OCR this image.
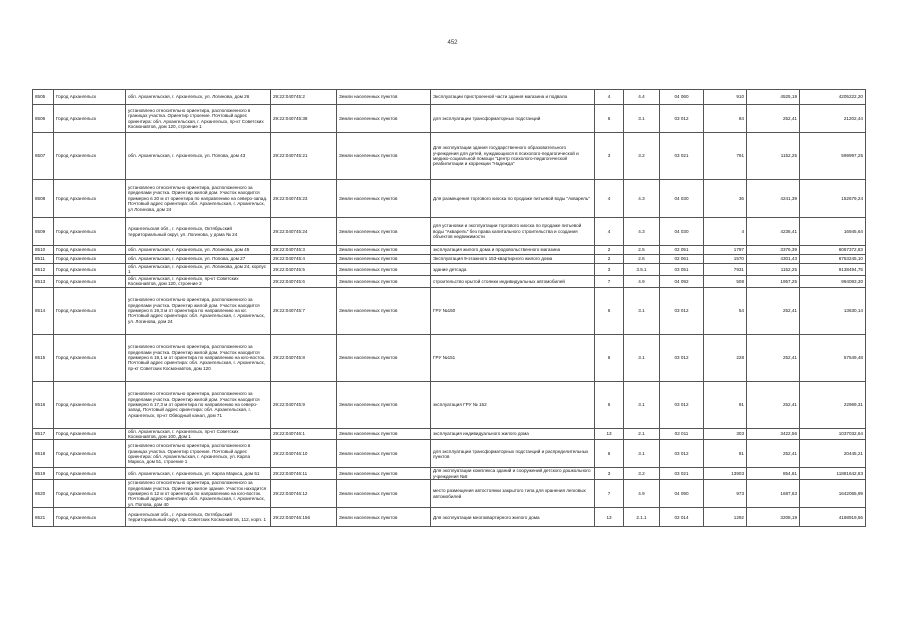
452
8505	Город Архангельск	обл. Архангельская, г. Архангельск, ул. Логинова, дом 26	29:22:040745:2	Земли населенных пунктов	Эксплуатации пристроенной части здания магазина и подвала	4	4.4	04 060	910	4525,19	4205222,20
8506	Город Архангельск	установлено относительно ориентира, расположенного в границах участка. Ориентир строение. Почтовый адрес ориентира: обл. Архангельская, г. Архангельск, пр-кт Советских Космонавтов, дом 120, строение 1	29:22:040745:38	Земли населенных пунктов	для эксплуатации трансформаторных подстанций	6	3.1	03 012	84	252,41	21202,44
8507	Город Архангельск	обл. Архангельская, г. Архангельск, ул. Попова, дом 43	29:22:040745:21	Земли населенных пунктов	Для эксплуатации здания государственного образовательного учреждения для детей, нуждающихся в психолого-педагогической и медико-социальной помощи "Центр психолого-педагогической реабилитации и коррекции "Надежда"	3	3.2	03 021	791	1152,25	599997,25
8508	Город Архангельск	установлено относительно ориентира, расположенного за пределами участка. Ориентир жилой дом. Участок находится примерно в 20 м от ориентира по направлению на северо-запад. Почтовый адрес ориентира: обл. Архангельская, г. Архангельск, ул Логинова, дом 24	29:22:040745:23	Земли населенных пунктов	Для размещения торгового киоска по продаже питьевой воды "Акварель"	4	4.3	04 030	36	4241,39	152679,24
8509	Город Архангельск	Архангельская обл., г. Архангельск, Октябрьский территориальный округ, ул. Логинова, у дома № 24	29:22:040745:24	Земли населенных пунктов	для установки и эксплуатации торгового киоска по продаже питьевой воды "Акварель" без права капитального строительства и создания объектов недвижимости	4	4.3	04 030	4	4236,41	16945,64
8510	Город Архангельск	обл. Архангельская, г. Архангельск, ул. Логинова, дом 45	29:22:040745:3	Земли населенных пунктов	эксплуатация жилого дома и продовольственного магазина	2	2.5	02 051	1797	3376,39	6067372,83
8511	Город Архангельск	обл. Архангельская, г. Архангельск, ул. Попова, дом 27	29:22:040745:4	Земли населенных пунктов	Эксплуатация 9-этажного 153-квартирного жилого дома	2	2.6	02 061	1570	4301,43	6753245,10
8512	Город Архангельск	обл. Архангельская, г. Архангельск, ул. Логинова, дом 24, корпус 1	29:22:040745:5	Земли населенных пунктов	здание детсада	3	3.5.1	03 051	7931	1152,25	9138494,75
8513	Город Архангельск	обл. Архангельская, г. Архангельск, пр-кт Советских Космонавтов, дом 120, строение 2	29:22:040745:6	Земли населенных пунктов	строительство крытой стоянки индивидуальных автомобилей	7	4.9	04 092	508	1957,25	994083,30
8514	Город Архангельск	установлено относительно ориентира, расположенного за пределами участка. Ориентир жилой дом. Участок находится примерно в 19,3 м от ориентира по направлению на юг. Почтовый адрес ориентира: обл. Архангельская, г. Архангельск, ул. Логинова, дом 24	29:22:040745:7	Земли населенных пунктов	ГРУ №150	6	3.1	03 012	54	252,41	13630,14
8515	Город Архангельск	установлено относительно ориентира, расположенного за пределами участка. Ориентир жилой дом. Участок находится примерно в 19,1 м от ориентира по направлению на юго-восток. Почтовый адрес ориентира: обл. Архангельская, г. Архангельск, пр-кт Советских Космонавтов, дом 120	29:22:040745:8	Земли населенных пунктов	ГРУ №151	6	3.1	03 012	228	252,41	57549,48
8516	Город Архангельск	установлено относительно ориентира, расположенного за пределами участка. Ориентир жилой дом. Участок находится примерно в 17,3 м от ориентира по направлению на северо-запад. Почтовый адрес ориентира: обл. Архангельская, г. Архангельск, пр-кт Обводный канал, дом 71	29:22:040745:9	Земли населенных пунктов	эксплуатация ГРУ № 152	6	3.1	03 012	91	252,41	22969,31
8517	Город Архангельск	обл. Архангельская, г. Архангельск, пр-кт Советских Космонавтов, дом 100, Дом 1	29:22:040746:1	Земли населенных пунктов	эксплуатация индивидуального жилого дома	13	2.1	02 011	303	3422,56	1037032,64
8518	Город Архангельск	установлено относительно ориентира, расположенного в границах участка. Ориентир строение. Почтовый адрес ориентира: обл. Архангельская, г. Архангельск, ул. Карла Маркса, дом 51, строение 1	29:22:040746:10	Земли населенных пунктов	для эксплуатации трансформаторных подстанций и распределительных пунктов	6	3.1	03 012	81	252,41	20445,21
8519	Город Архангельск	обл. Архангельская, г. Архангельск, ул. Карла Маркса, дом 51	29:22:040746:11	Земли населенных пунктов	Для эксплуатации комплекса зданий и сооружений детского дошкольного учреждения №6	3	3.2	03 021	13903	854,61	11881642,83
8520	Город Архангельск	установлено относительно ориентира, расположенного за пределами участка. Ориентир жилое здание. Участок находится примерно в 12 м от ориентира по направлению на юго-восток. Почтовый адрес ориентира: обл. Архангельская, г. Архангельск, ул. Попова, дом 40	29:22:040746:12	Земли населенных пунктов	место размещения автостоянки закрытого типа для хранения легковых автомобилей	7	4.9	04 090	973	1687,63	1642065,99
8521	Город Архангельск	Архангельская обл., г. Архангельск, Октябрьский территориальный округ, пр. Советских Космонавтов, 112, корп. 1	29:22:040746:156	Земли населенных пунктов	Для эксплуатации многоквартирного жилого дома	13	2.1.1	02 014	1292	3208,19	4168919,56
